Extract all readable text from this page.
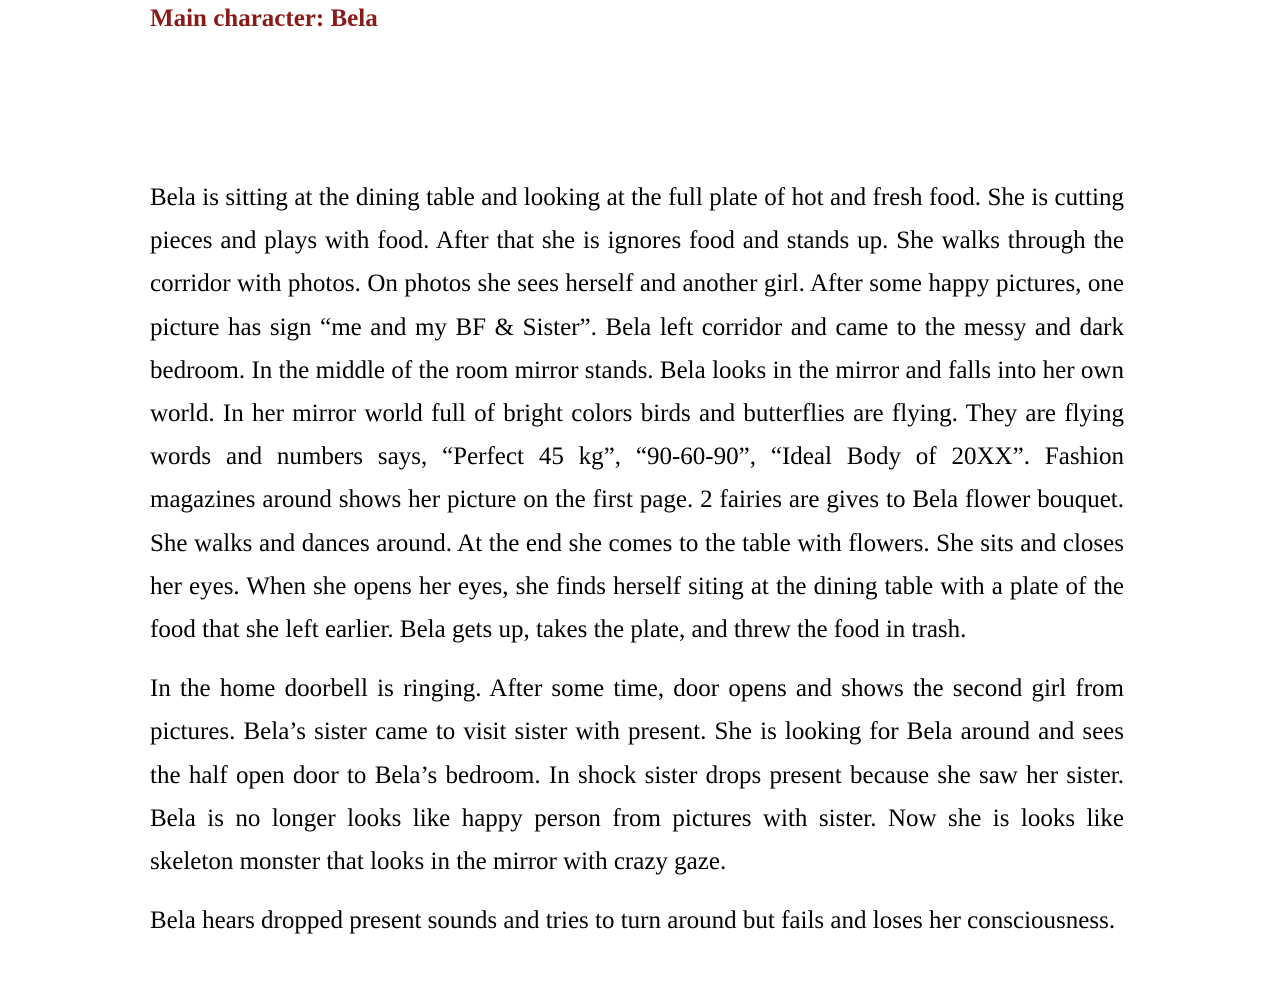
Main character: Bela

Bela is sitting at the dining table and looking at the full plate of hot and fresh food. She is cutting pieces and plays with food. After that she is ignores food and stands up. She walks through the corridor with photos. On photos she sees herself and another girl. After some happy pictures, one picture has sign “me and my BF & Sister”. Bela left corridor and came to the messy and dark bedroom. In the middle of the room mirror stands. Bela looks in the mirror and falls into her own world. In her mirror world full of bright colors birds and butterflies are flying. They are flying words and numbers says, “Perfect 45 kg”, “90-60-90”, “Ideal Body of 20XX”. Fashion magazines around shows her picture on the first page. 2 fairies are gives to Bela flower bouquet. She walks and dances around. At the end she comes to the table with flowers. She sits and closes her eyes. When she opens her eyes, she finds herself siting at the dining table with a plate of the food that she left earlier. Bela gets up, takes the plate, and threw the food in trash.

In the home doorbell is ringing. After some time, door opens and shows the second girl from pictures. Bela’s sister came to visit sister with present. She is looking for Bela around and sees the half open door to Bela’s bedroom. In shock sister drops present because she saw her sister. Bela is no longer looks like happy person from pictures with sister. Now she is looks like skeleton monster that looks in the mirror with crazy gaze.

Bela hears dropped present sounds and tries to turn around but fails and loses her consciousness.
